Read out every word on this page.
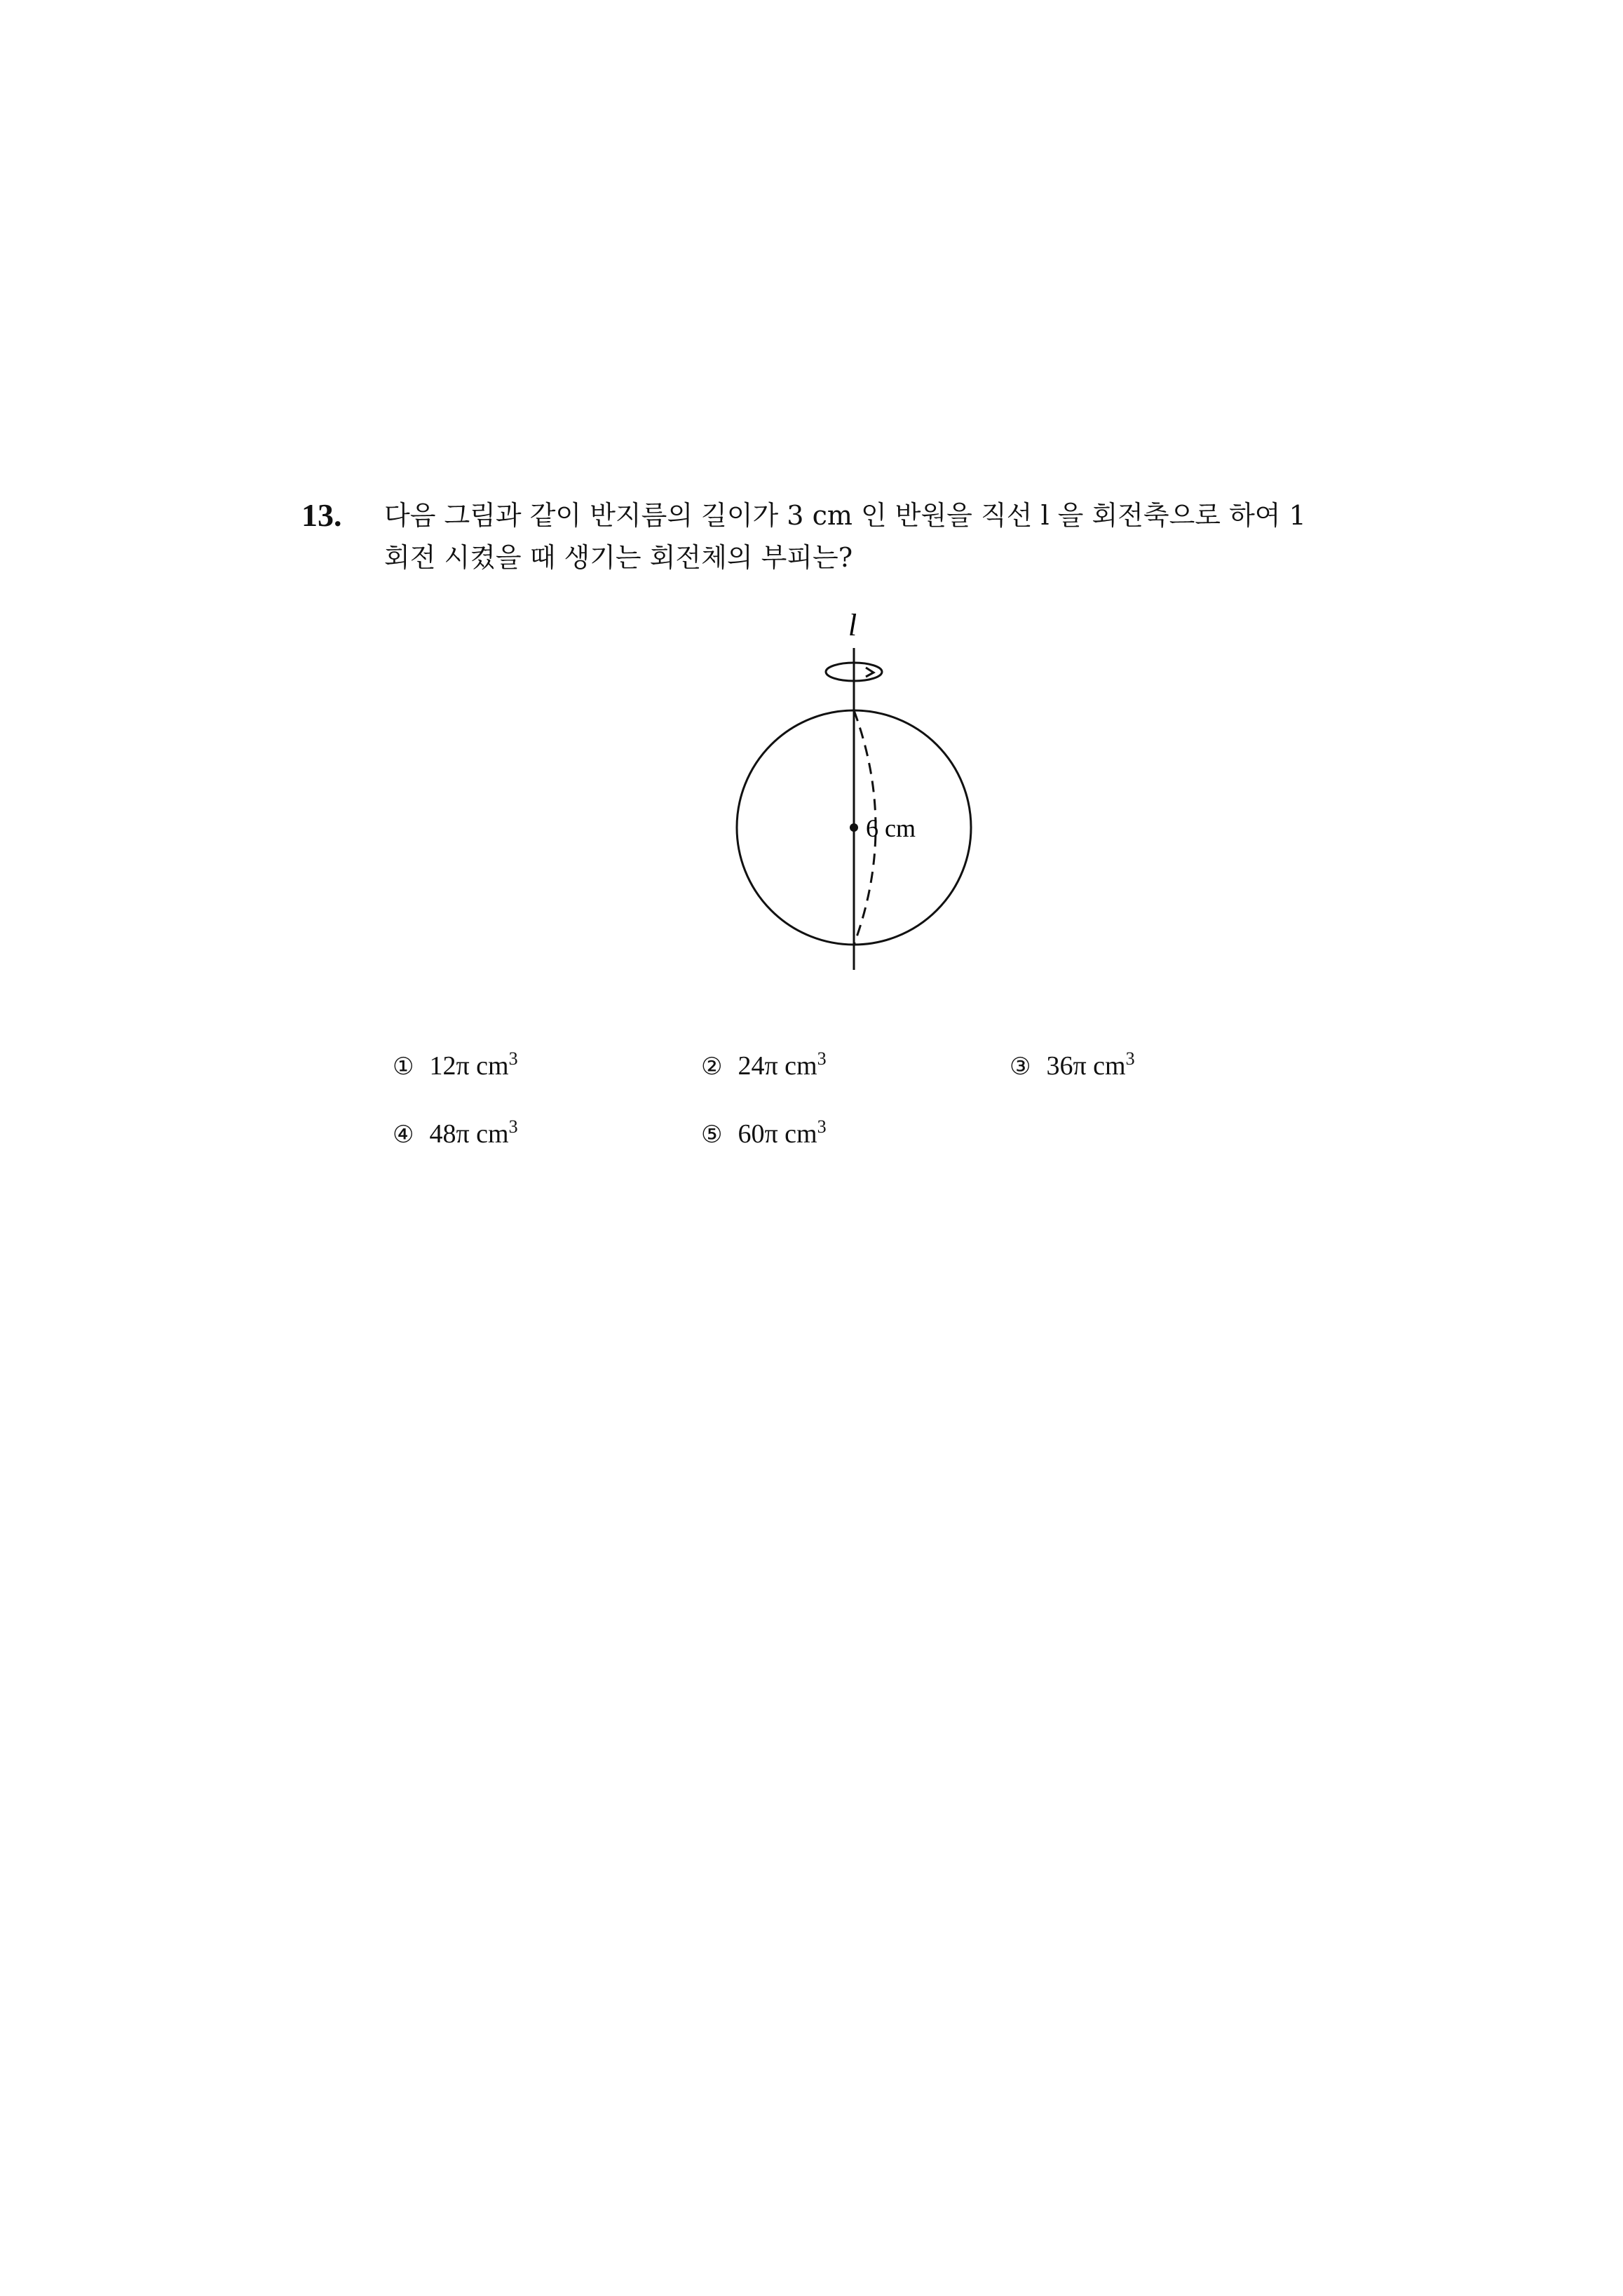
13. 다음 그림과 같이 반지름의 길이가 3 cm 인 반원을 직선 l 을 회전축으로 하여 1
회전 시켰을 때 생기는 회전체의 부피는?
l
6 cm
① 12π $cm^3$	② 24π $cm^3$	③ 36π $cm^3$
④ 48π $cm^3$	⑤ 60π $cm^3$
